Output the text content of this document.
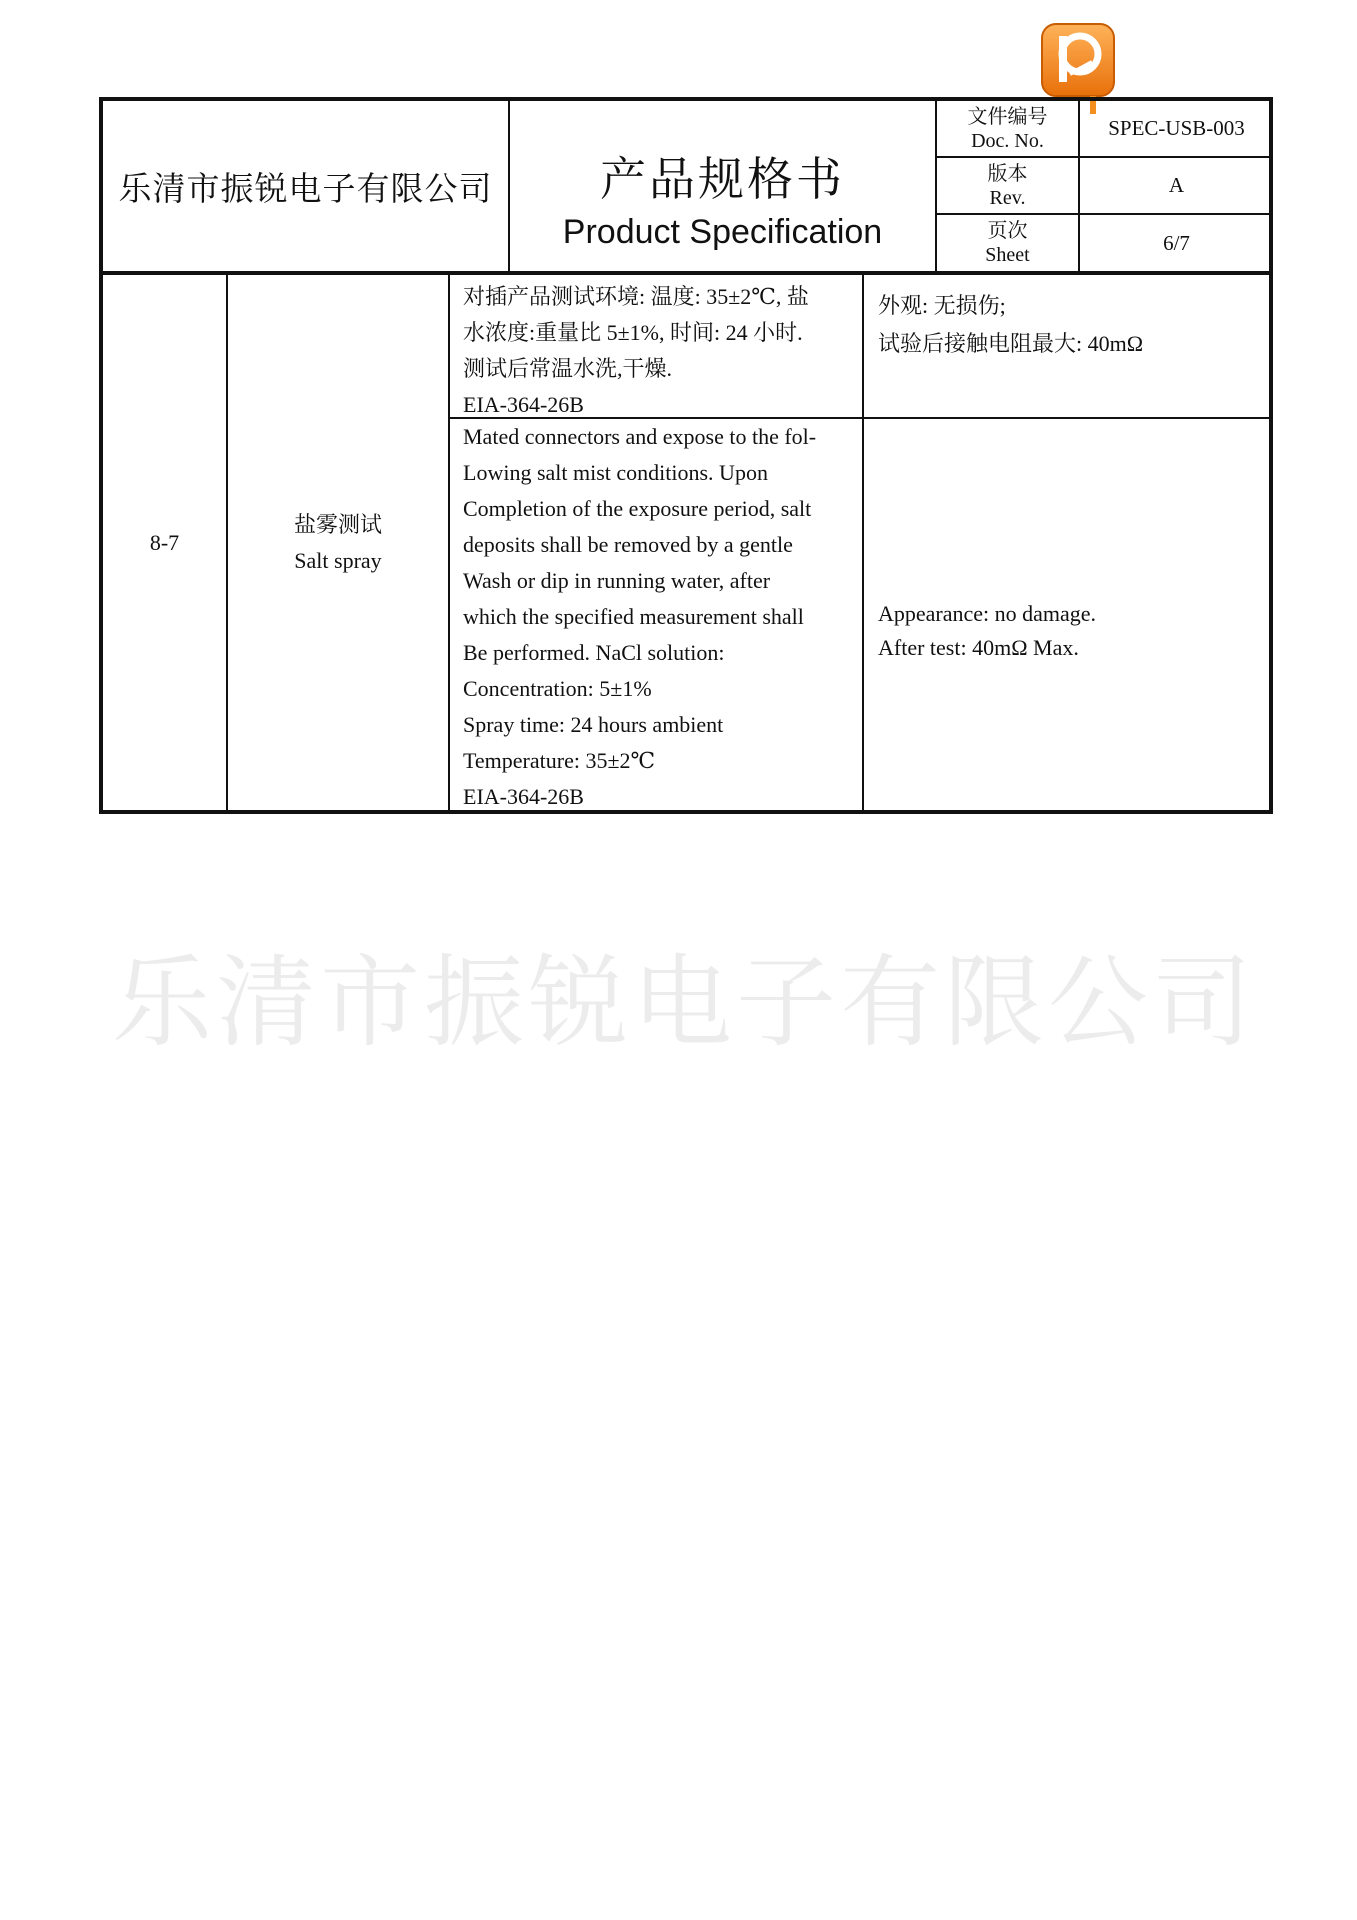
乐清市振锐电子有限公司	产品规格书
Product Specification
文件编号
Doc. No.
SPEC-USB-003
版本
Rev.
A
页次
Sheet
6/7
8-7
盐雾测试
Salt spray
对插产品测试环境: 温度: 35±2℃, 盐
水浓度:重量比 5±1%, 时间: 24 小时.
测试后常温水洗,干燥.
EIA-364-26B
外观: 无损伤;
试验后接触电阻最大: 40mΩ
Mated connectors and expose to the fol-
Lowing salt mist conditions. Upon
Completion of the exposure period, salt
deposits shall be removed by a gentle
Wash or dip in running water, after
which the specified measurement shall
Be performed. NaCl solution:
Concentration: 5±1%
Spray time: 24 hours ambient
Temperature: 35±2℃
EIA-364-26B
Appearance: no damage.
After test: 40mΩ Max.
乐清市振锐电子有限公司
